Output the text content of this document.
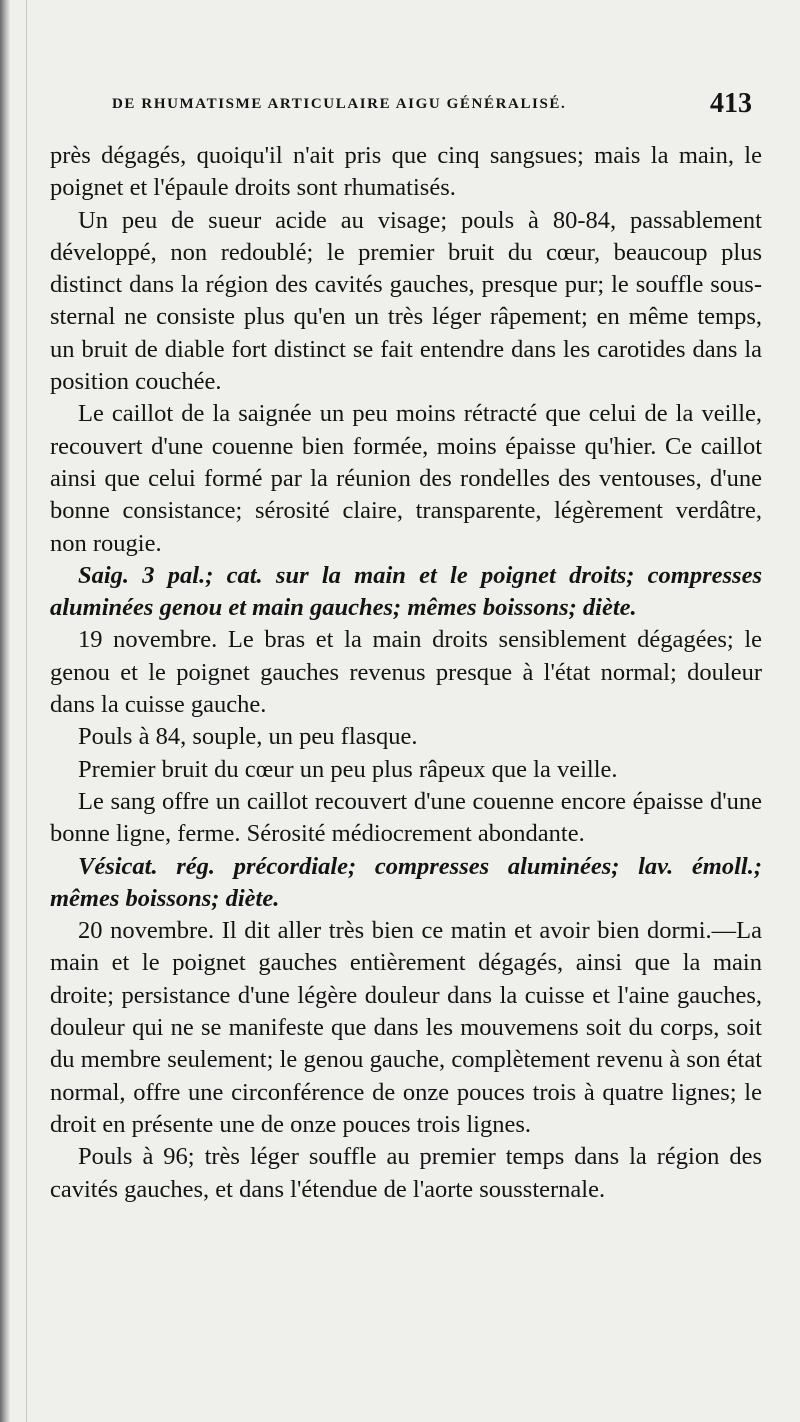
DE RHUMATISME ARTICULAIRE AIGU GÉNÉRALISÉ.	413

près dégagés, quoiqu'il n'ait pris que cinq sangsues; mais la main, le poignet et l'épaule droits sont rhumatisés.

Un peu de sueur acide au visage; pouls à 80-84, passablement développé, non redoublé; le premier bruit du cœur, beaucoup plus distinct dans la région des cavités gauches, presque pur; le souffle sous-sternal ne consiste plus qu'en un très léger râpement; en même temps, un bruit de diable fort distinct se fait entendre dans les carotides dans la position couchée.

Le caillot de la saignée un peu moins rétracté que celui de la veille, recouvert d'une couenne bien formée, moins épaisse qu'hier. Ce caillot ainsi que celui formé par la réunion des rondelles des ventouses, d'une bonne consistance; sérosité claire, transparente, légèrement verdâtre, non rougie.

Saig. 3 pal.; cat. sur la main et le poignet droits; compresses aluminées genou et main gauches; mêmes boissons; diète.

19 novembre. Le bras et la main droits sensiblement dégagées; le genou et le poignet gauches revenus presque à l'état normal; douleur dans la cuisse gauche.

Pouls à 84, souple, un peu flasque.

Premier bruit du cœur un peu plus râpeux que la veille.

Le sang offre un caillot recouvert d'une couenne encore épaisse d'une bonne ligne, ferme. Sérosité médiocrement abondante.

Vésicat. rég. précordiale; compresses aluminées; lav. émoll.; mêmes boissons; diète.

20 novembre. Il dit aller très bien ce matin et avoir bien dormi.—La main et le poignet gauches entièrement dégagés, ainsi que la main droite; persistance d'une légère douleur dans la cuisse et l'aine gauches, douleur qui ne se manifeste que dans les mouvemens soit du corps, soit du membre seulement; le genou gauche, complètement revenu à son état normal, offre une circonférence de onze pouces trois à quatre lignes; le droit en présente une de onze pouces trois lignes.

Pouls à 96; très léger souffle au premier temps dans la région des cavités gauches, et dans l'étendue de l'aorte soussternale.
